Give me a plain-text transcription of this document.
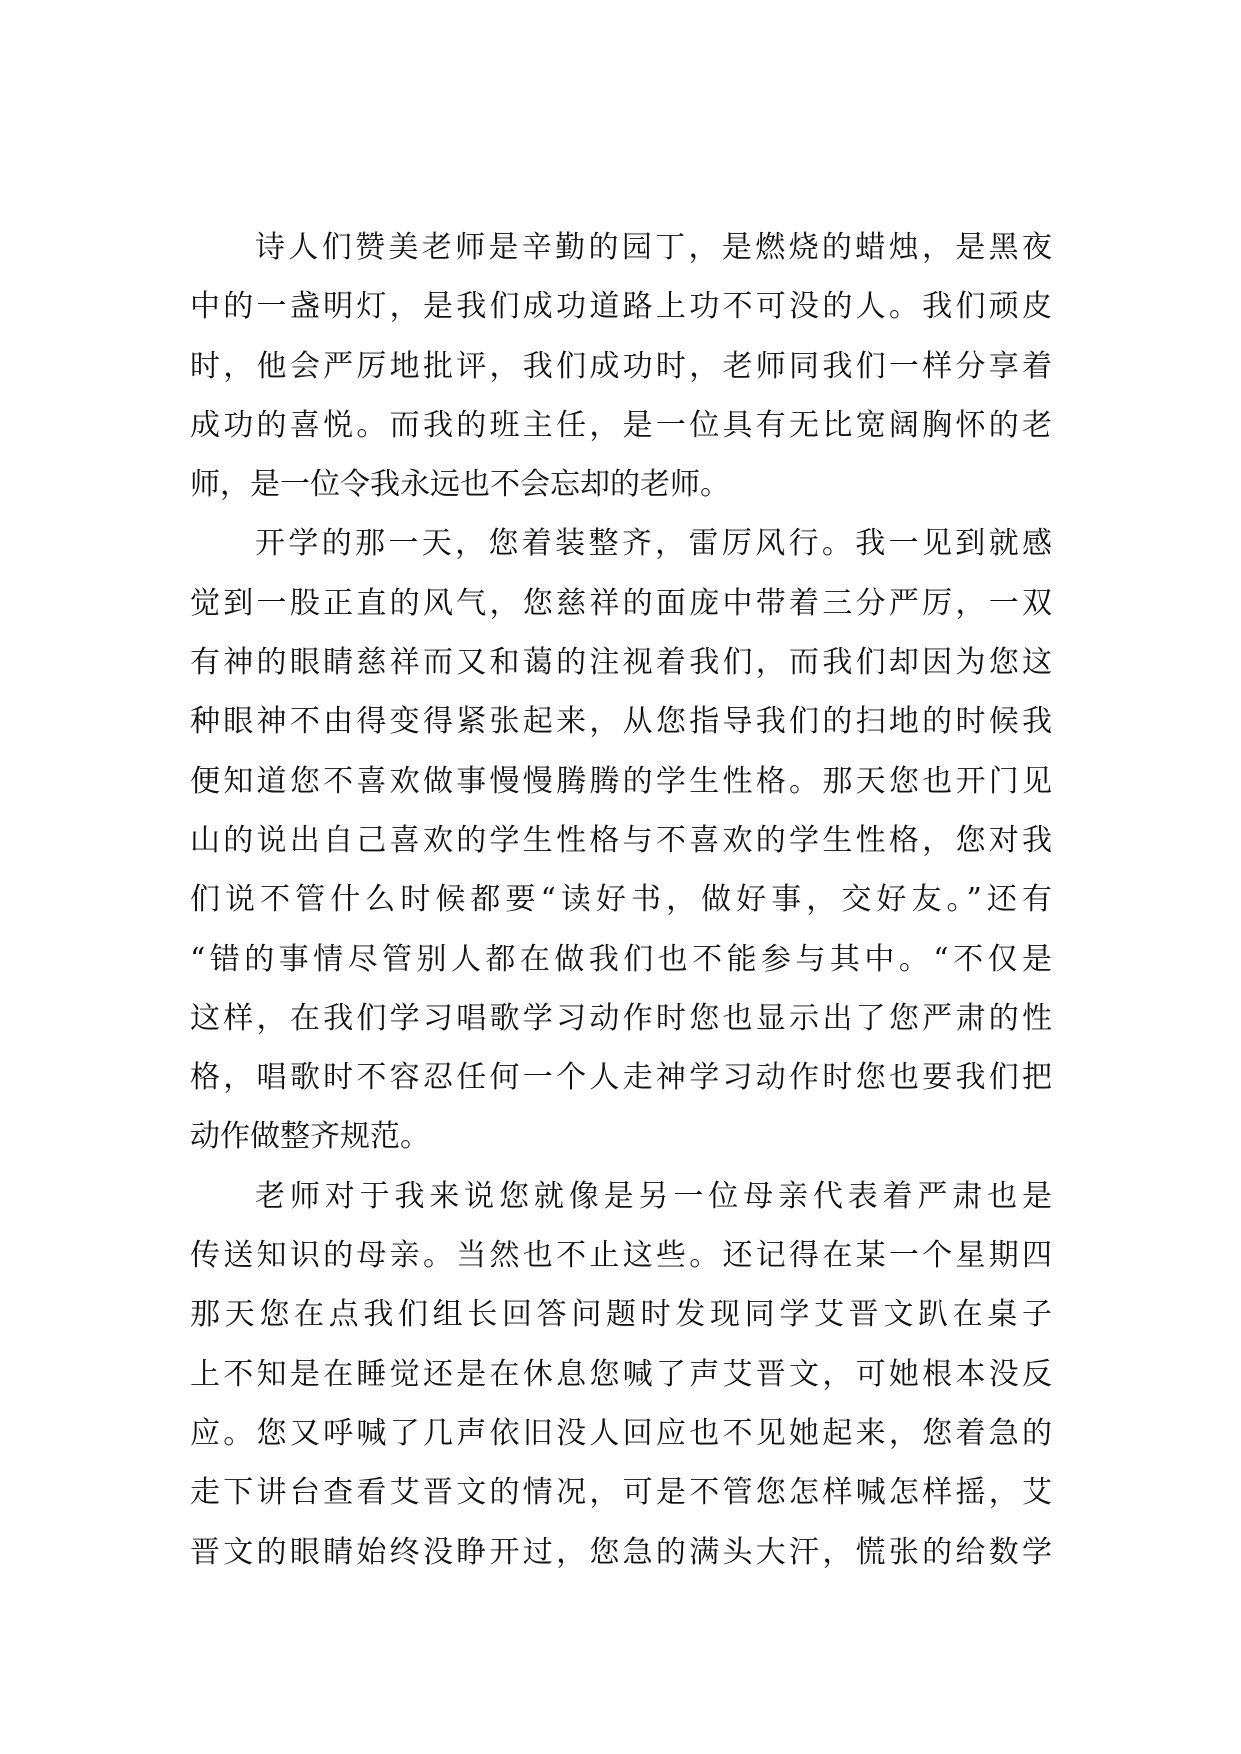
诗人们赞美老师是辛勤的园丁，是燃烧的蜡烛，是黑夜
中的一盏明灯，是我们成功道路上功不可没的人。我们顽皮
时，他会严厉地批评，我们成功时，老师同我们一样分享着
成功的喜悦。而我的班主任，是一位具有无比宽阔胸怀的老
师，是一位令我永远也不会忘却的老师。
开学的那一天，您着装整齐，雷厉风行。我一见到就感
觉到一股正直的风气，您慈祥的面庞中带着三分严厉，一双
有神的眼睛慈祥而又和蔼的注视着我们，而我们却因为您这
种眼神不由得变得紧张起来，从您指导我们的扫地的时候我
便知道您不喜欢做事慢慢腾腾的学生性格。那天您也开门见
山的说出自己喜欢的学生性格与不喜欢的学生性格，您对我
们说不管什么时候都要“读好书，做好事，交好友。”还有
“错的事情尽管别人都在做我们也不能参与其中。“不仅是
这样，在我们学习唱歌学习动作时您也显示出了您严肃的性
格，唱歌时不容忍任何一个人走神学习动作时您也要我们把
动作做整齐规范。
老师对于我来说您就像是另一位母亲代表着严肃也是
传送知识的母亲。当然也不止这些。还记得在某一个星期四
那天您在点我们组长回答问题时发现同学艾晋文趴在桌子
上不知是在睡觉还是在休息您喊了声艾晋文，可她根本没反
应。您又呼喊了几声依旧没人回应也不见她起来，您着急的
走下讲台查看艾晋文的情况，可是不管您怎样喊怎样摇，艾
晋文的眼睛始终没睁开过，您急的满头大汗，慌张的给数学
